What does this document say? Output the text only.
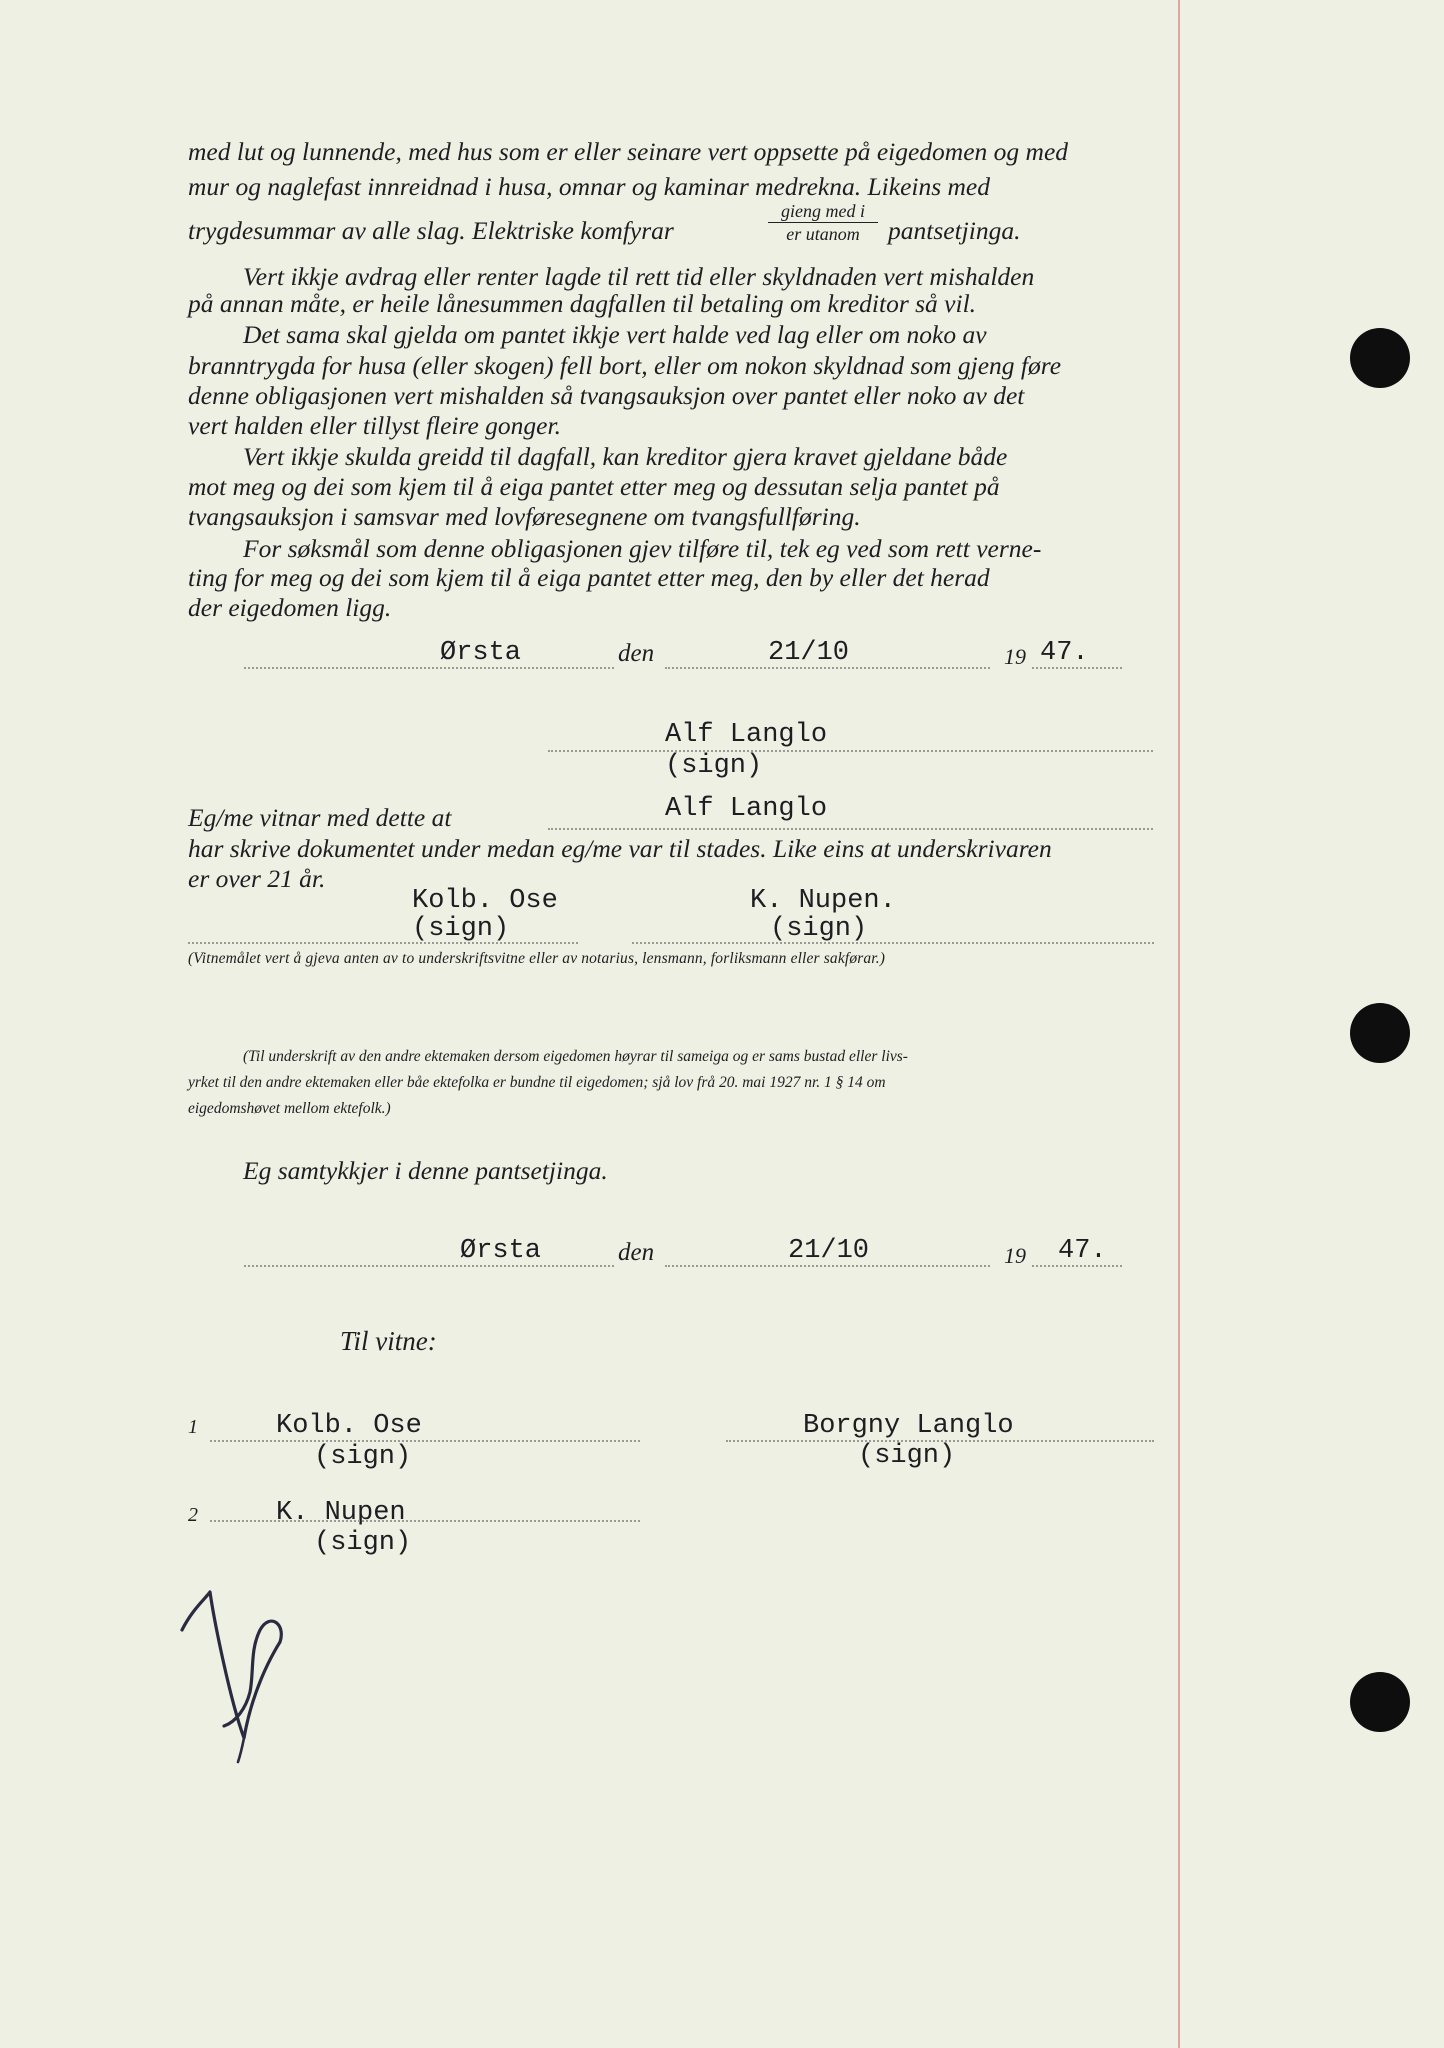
med lut og lunnende, med hus som er eller seinare vert oppsette på eigedomen og med
mur og naglefast innreidnad i husa, omnar og kaminar medrekna. Likeins med
trygdesummar av alle slag. Elektriske komfyrar
gieng med i
er utanom	pantsetjinga.
Vert ikkje avdrag eller renter lagde til rett tid eller skyldnaden vert mishalden
på annan måte, er heile lånesummen dagfallen til betaling om kreditor så vil.
Det sama skal gjelda om pantet ikkje vert halde ved lag eller om noko av
branntrygda for husa (eller skogen) fell bort, eller om nokon skyldnad som gjeng føre
denne obligasjonen vert mishalden så tvangsauksjon over pantet eller noko av det
vert halden eller tillyst fleire gonger.
Vert ikkje skulda greidd til dagfall, kan kreditor gjera kravet gjeldane både
mot meg og dei som kjem til å eiga pantet etter meg og dessutan selja pantet på
tvangsauksjon i samsvar med lovføresegnene om tvangsfullføring.
For søksmål som denne obligasjonen gjev tilføre til, tek eg ved som rett verne-
ting for meg og dei som kjem til å eiga pantet etter meg, den by eller det herad
der eigedomen ligg.
Ørsta	den	21/10	19 47.
Alf Langlo
(sign)
Eg/me vitnar med dette at	Alf Langlo
har skrive dokumentet under medan eg/me var til stades. Like eins at underskrivaren
er over 21 år.
Kolb. Ose
(sign)
K. Nupen.
(sign)
(Vitnemålet vert å gjeva anten av to underskriftsvitne eller av notarius, lensmann, forliksmann eller sakførar.)
(Til underskrift av den andre ektemaken dersom eigedomen høyrar til sameiga og er sams bustad eller livs-
yrket til den andre ektemaken eller båe ektefolka er bundne til eigedomen; sjå lov frå 20. mai 1927 nr. 1 § 14 om
eigedomshøvet mellom ektefolk.)
Eg samtykkjer i denne pantsetjinga.
Ørsta	den	21/10	19 47.
Til vitne:
1	Kolb. Ose
(sign)
Borgny Langlo
(sign)
2	K. Nupen
(sign)
